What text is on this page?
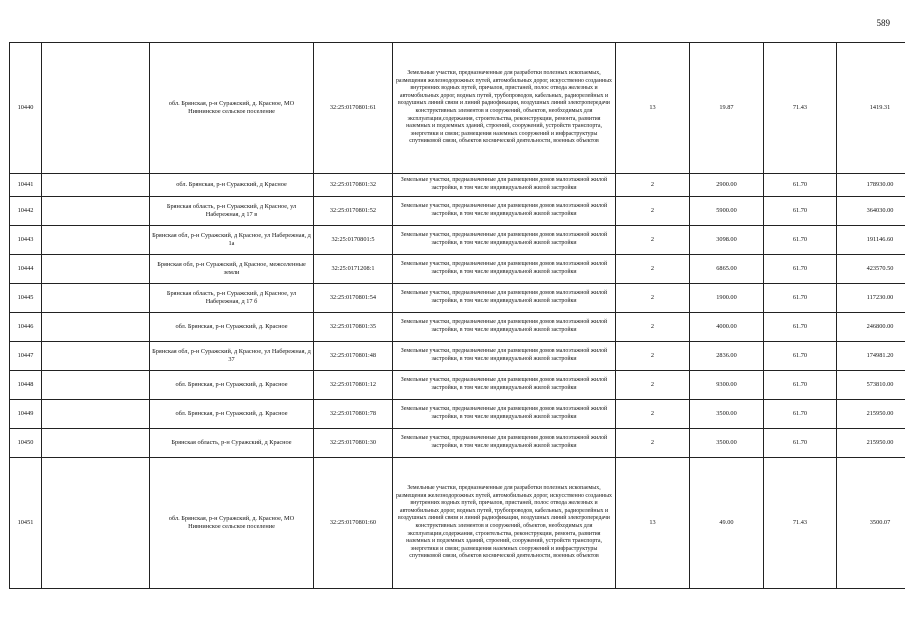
589
10440		обл. Брянская, р-н Суражский, д. Красное, МО Нивнинское сельское поселение	32:25:0170801:61	Земельные участки, предназначенные для разработки полезных ископаемых, размещения железнодорожных путей, автомобильных дорог, искусственно созданных внутренних водных путей, причалов, пристаней, полос отвода железных и автомобильных дорог, водных путей, трубопроводов, кабельных, радиорелейных и воздушных линий связи и линий радиофикации, воздушных линий электропередачи конструктивных элементов и сооружений, объектов, необходимых для эксплуатации,содержания, строительства, реконструкции, ремонта, развития наземных и подземных зданий, строений, сооружений, устройств транспорта, энергетики и связи; размещения наземных сооружений и инфраструктуры спутниковой связи, объектов космической деятельности, военных объектов	13	19.87	71.43	1419.31
10441		обл. Брянская, р-н Суражский, д Красное	32:25:0170801:32	Земельные участки, предназначенные для размещения домов малоэтажной жилой застройки, в том числе индивидуальной жилой застройки	2	2900.00	61.70	178930.00
10442		Брянская область, р-н Суражский, д Красное, ул Набережная, д 17 в	32:25:0170801:52	Земельные участки, предназначенные для размещения домов малоэтажной жилой застройки, в том числе индивидуальной жилой застройки	2	5900.00	61.70	364030.00
10443		Брянская обл, р-н Суражский, д Красное, ул Набережная, д 1а	32:25:0170801:5	Земельные участки, предназначенные для размещения домов малоэтажной жилой застройки, в том числе индивидуальной жилой застройки	2	3098.00	61.70	191146.60
10444		Брянская обл, р-н Суражский, д Красное, межселенные земли	32:25:0171208:1	Земельные участки, предназначенные для размещения домов малоэтажной жилой застройки, в том числе индивидуальной жилой застройки	2	6865.00	61.70	423570.50
10445		Брянская область, р-н Суражский, д Красное, ул Набережная, д 17 б	32:25:0170801:54	Земельные участки, предназначенные для размещения домов малоэтажной жилой застройки, в том числе индивидуальной жилой застройки	2	1900.00	61.70	117230.00
10446		обл. Брянская, р-н Суражский, д. Красное	32:25:0170801:35	Земельные участки, предназначенные для размещения домов малоэтажной жилой застройки, в том числе индивидуальной жилой застройки	2	4000.00	61.70	246800.00
10447		Брянская обл, р-н Суражский, д Красное, ул Набережная, д 37	32:25:0170801:48	Земельные участки, предназначенные для размещения домов малоэтажной жилой застройки, в том числе индивидуальной жилой застройки	2	2836.00	61.70	174981.20
10448		обл. Брянская, р-н Суражский, д. Красное	32:25:0170801:12	Земельные участки, предназначенные для размещения домов малоэтажной жилой застройки, в том числе индивидуальной жилой застройки	2	9300.00	61.70	573810.00
10449		обл. Брянская, р-н Суражский, д. Красное	32:25:0170801:78	Земельные участки, предназначенные для размещения домов малоэтажной жилой застройки, в том числе индивидуальной жилой застройки	2	3500.00	61.70	215950.00
10450		Брянская область, р-н Суражский, д Красное	32:25:0170801:30	Земельные участки, предназначенные для размещения домов малоэтажной жилой застройки, в том числе индивидуальной жилой застройки	2	3500.00	61.70	215950.00
10451		обл. Брянская, р-н Суражский, д. Красное, МО Нивнинское сельское поселение	32:25:0170801:60	Земельные участки, предназначенные для разработки полезных ископаемых, размещения железнодорожных путей, автомобильных дорог, искусственно созданных внутренних водных путей, причалов, пристаней, полос отвода железных и автомобильных дорог, водных путей, трубопроводов, кабельных, радиорелейных и воздушных линий связи и линий радиофикации, воздушных линий электропередачи конструктивных элементов и сооружений, объектов, необходимых для эксплуатации,содержания, строительства, реконструкции, ремонта, развития наземных и подземных зданий, строений, сооружений, устройств транспорта, энергетики и связи; размещения наземных сооружений и инфраструктуры спутниковой связи, объектов космической деятельности, военных объектов	13	49.00	71.43	3500.07
